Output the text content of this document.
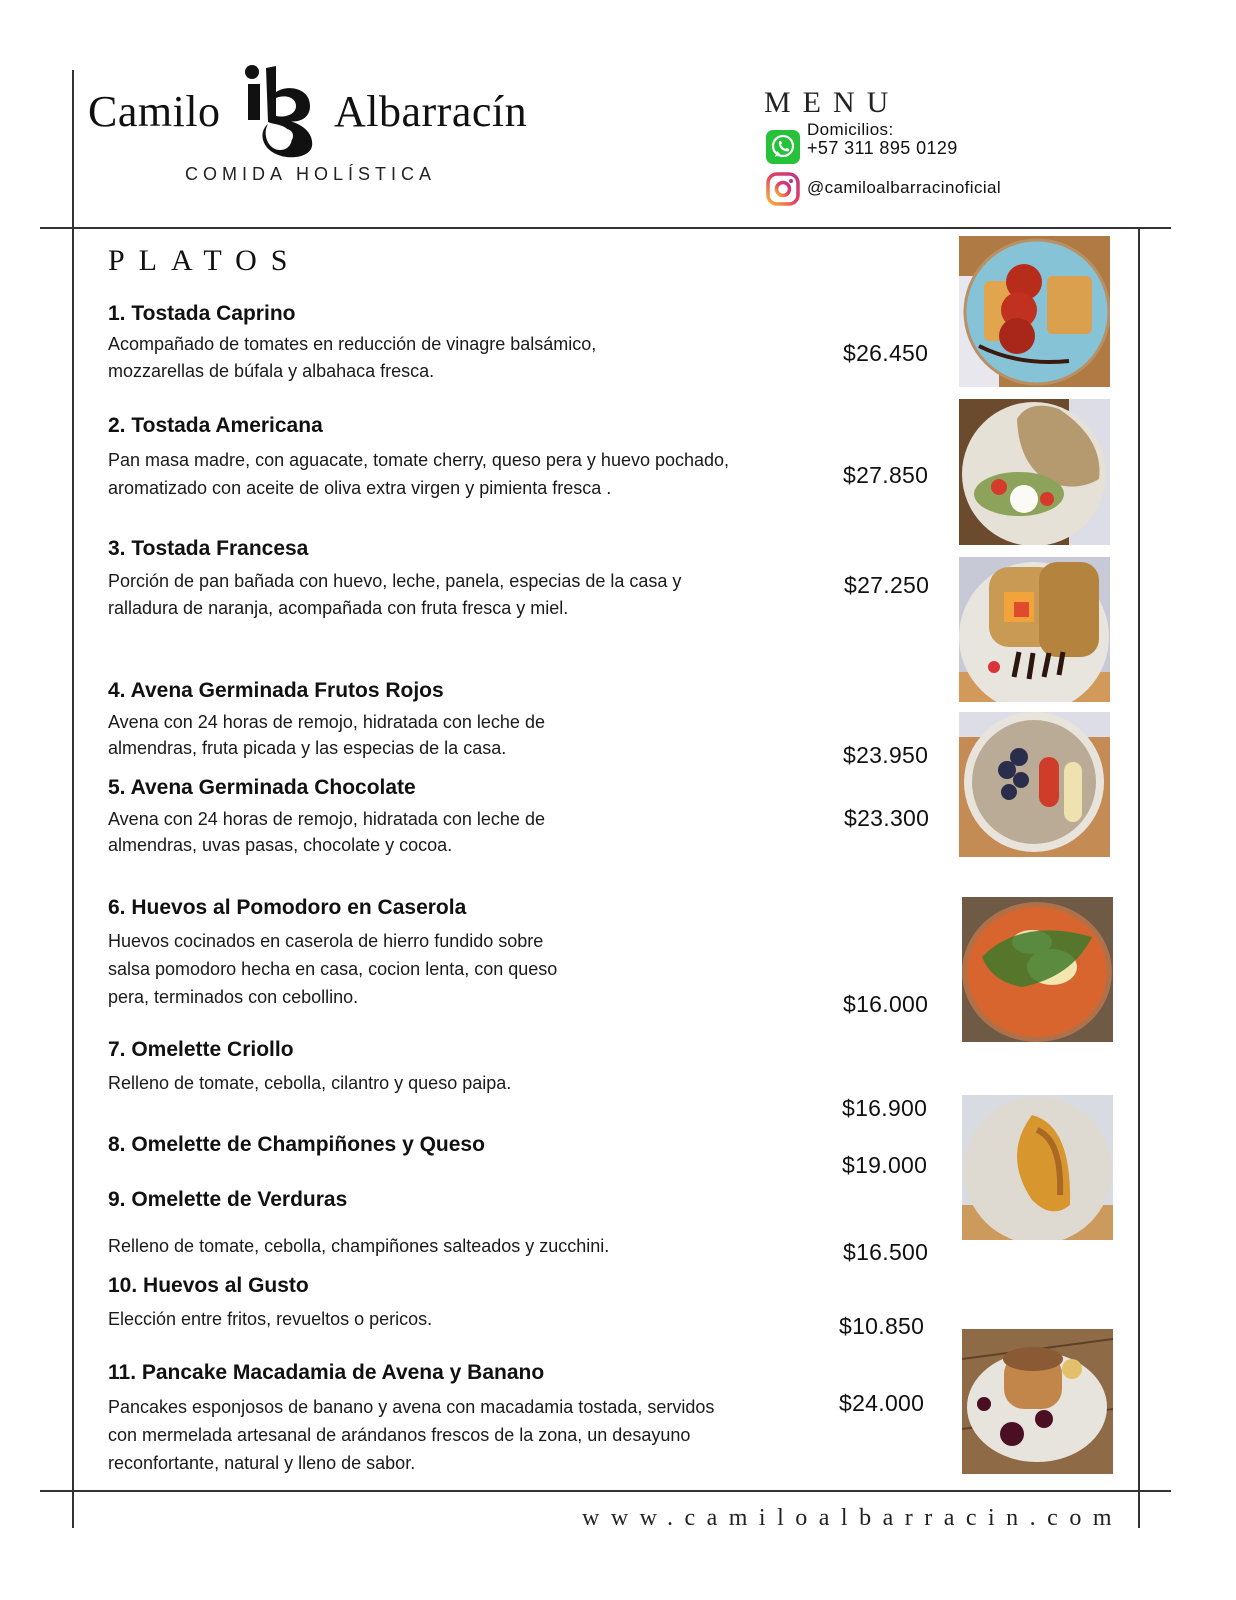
Camilo	Albarracín
COMIDA HOLÍSTICA
MENU
Domicilios:
+57 311 895 0129
@camiloalbarracinoficial
PLATOS
1. Tostada Caprino
Acompañado de tomates en reducción de vinagre balsámico,
mozzarellas de búfala y albahaca fresca.
$26.450
2. Tostada Americana
Pan masa madre, con aguacate, tomate cherry, queso pera y huevo pochado,
aromatizado con aceite de oliva extra virgen y pimienta fresca .	$27.850
3. Tostada Francesa
Porción de pan bañada con huevo, leche, panela, especias de la casa y
ralladura de naranja, acompañada con fruta fresca y miel.
$27.250
4. Avena Germinada Frutos Rojos
Avena con 24 horas de remojo, hidratada con leche de
almendras, fruta picada y las especias de la casa.	$23.950
5. Avena Germinada Chocolate
Avena con 24 horas de remojo, hidratada con leche de
almendras, uvas pasas, chocolate y cocoa.
$23.300
6. Huevos al Pomodoro en Caserola
Huevos cocinados en caserola de hierro fundido sobre
salsa pomodoro hecha en casa, cocion lenta, con queso
pera, terminados con cebollino.	$16.000
7. Omelette Criollo
Relleno de tomate, cebolla, cilantro y queso paipa.
$16.900
8. Omelette de Champiñones y Queso
$19.000
9. Omelette de Verduras
Relleno de tomate, cebolla, champiñones salteados y zucchini.	$16.500
10. Huevos al Gusto
Elección entre fritos, revueltos o pericos.	$10.850
11. Pancake Macadamia de Avena y Banano
Pancakes esponjosos de banano y avena con macadamia tostada, servidos
con mermelada artesanal de arándanos frescos de la zona, un desayuno
reconfortante, natural y lleno de sabor.
$24.000
www.camiloalbarracin.com
